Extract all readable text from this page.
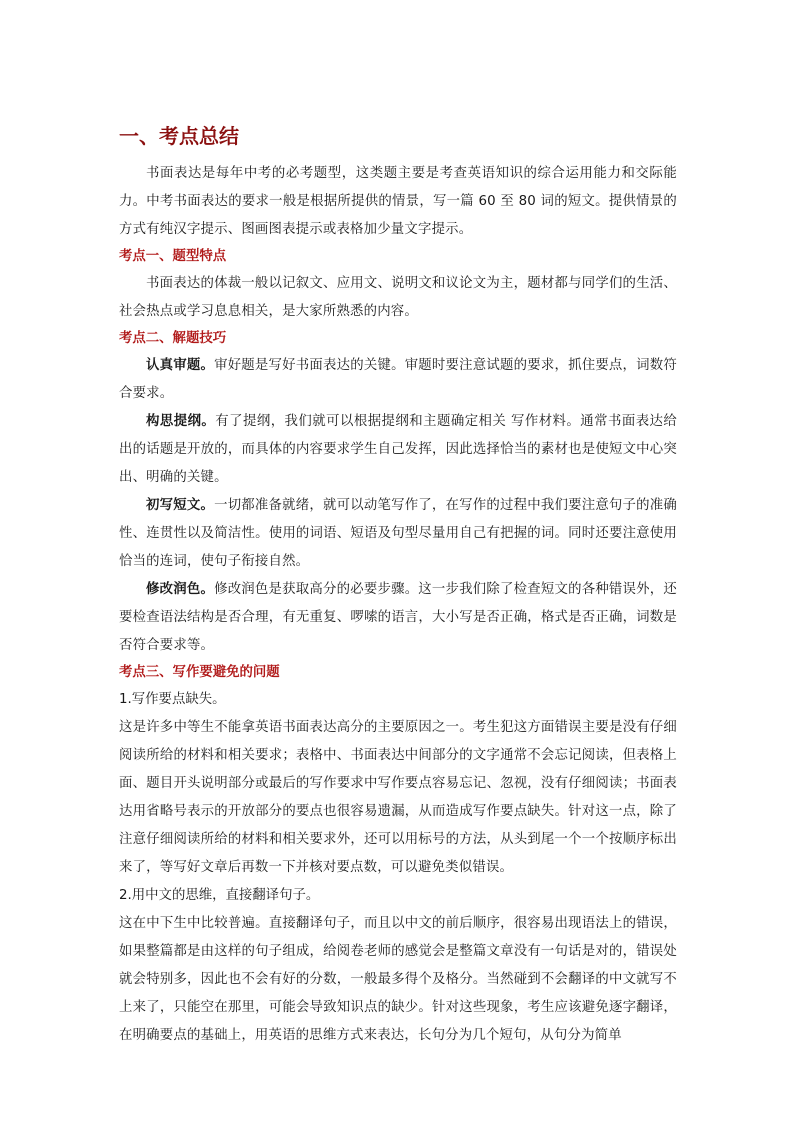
一、考点总结

书面表达是每年中考的必考题型，这类题主要是考查英语知识的综合运用能力和交际能力。中考书面表达的要求一般是根据所提供的情景，写一篇 60 至 80 词的短文。提供情景的方式有纯汉字提示、图画图表提示或表格加少量文字提示。

考点一、题型特点

书面表达的体裁一般以记叙文、应用文、说明文和议论文为主，题材都与同学们的生活、社会热点或学习息息相关，是大家所熟悉的内容。

考点二、解题技巧

认真审题。审好题是写好书面表达的关键。审题时要注意试题的要求，抓住要点，词数符合要求。

构思提纲。有了提纲，我们就可以根据提纲和主题确定相关 写作材料。通常书面表达给出的话题是开放的，而具体的内容要求学生自己发挥，因此选择恰当的素材也是使短文中心突出、明确的关键。

初写短文。一切都准备就绪，就可以动笔写作了，在写作的过程中我们要注意句子的准确性、连贯性以及简洁性。使用的词语、短语及句型尽量用自己有把握的词。同时还要注意使用恰当的连词，使句子衔接自然。

修改润色。修改润色是获取高分的必要步骤。这一步我们除了检查短文的各种错误外，还要检查语法结构是否合理，有无重复、啰嗦的语言，大小写是否正确，格式是否正确，词数是否符合要求等。

考点三、写作要避免的问题

1.写作要点缺失。

这是许多中等生不能拿英语书面表达高分的主要原因之一。考生犯这方面错误主要是没有仔细阅读所给的材料和相关要求；表格中、书面表达中间部分的文字通常不会忘记阅读，但表格上面、题目开头说明部分或最后的写作要求中写作要点容易忘记、忽视，没有仔细阅读；书面表达用省略号表示的开放部分的要点也很容易遗漏，从而造成写作要点缺失。针对这一点，除了注意仔细阅读所给的材料和相关要求外，还可以用标号的方法，从头到尾一个一个按顺序标出来了，等写好文章后再数一下并核对要点数，可以避免类似错误。

2.用中文的思维，直接翻译句子。

这在中下生中比较普遍。直接翻译句子，而且以中文的前后顺序，很容易出现语法上的错误，如果整篇都是由这样的句子组成，给阅卷老师的感觉会是整篇文章没有一句话是对的，错误处就会特别多，因此也不会有好的分数，一般最多得个及格分。当然碰到不会翻译的中文就写不上来了，只能空在那里，可能会导致知识点的缺少。针对这些现象，考生应该避免逐字翻译，在明确要点的基础上，用英语的思维方式来表达，长句分为几个短句，从句分为简单
